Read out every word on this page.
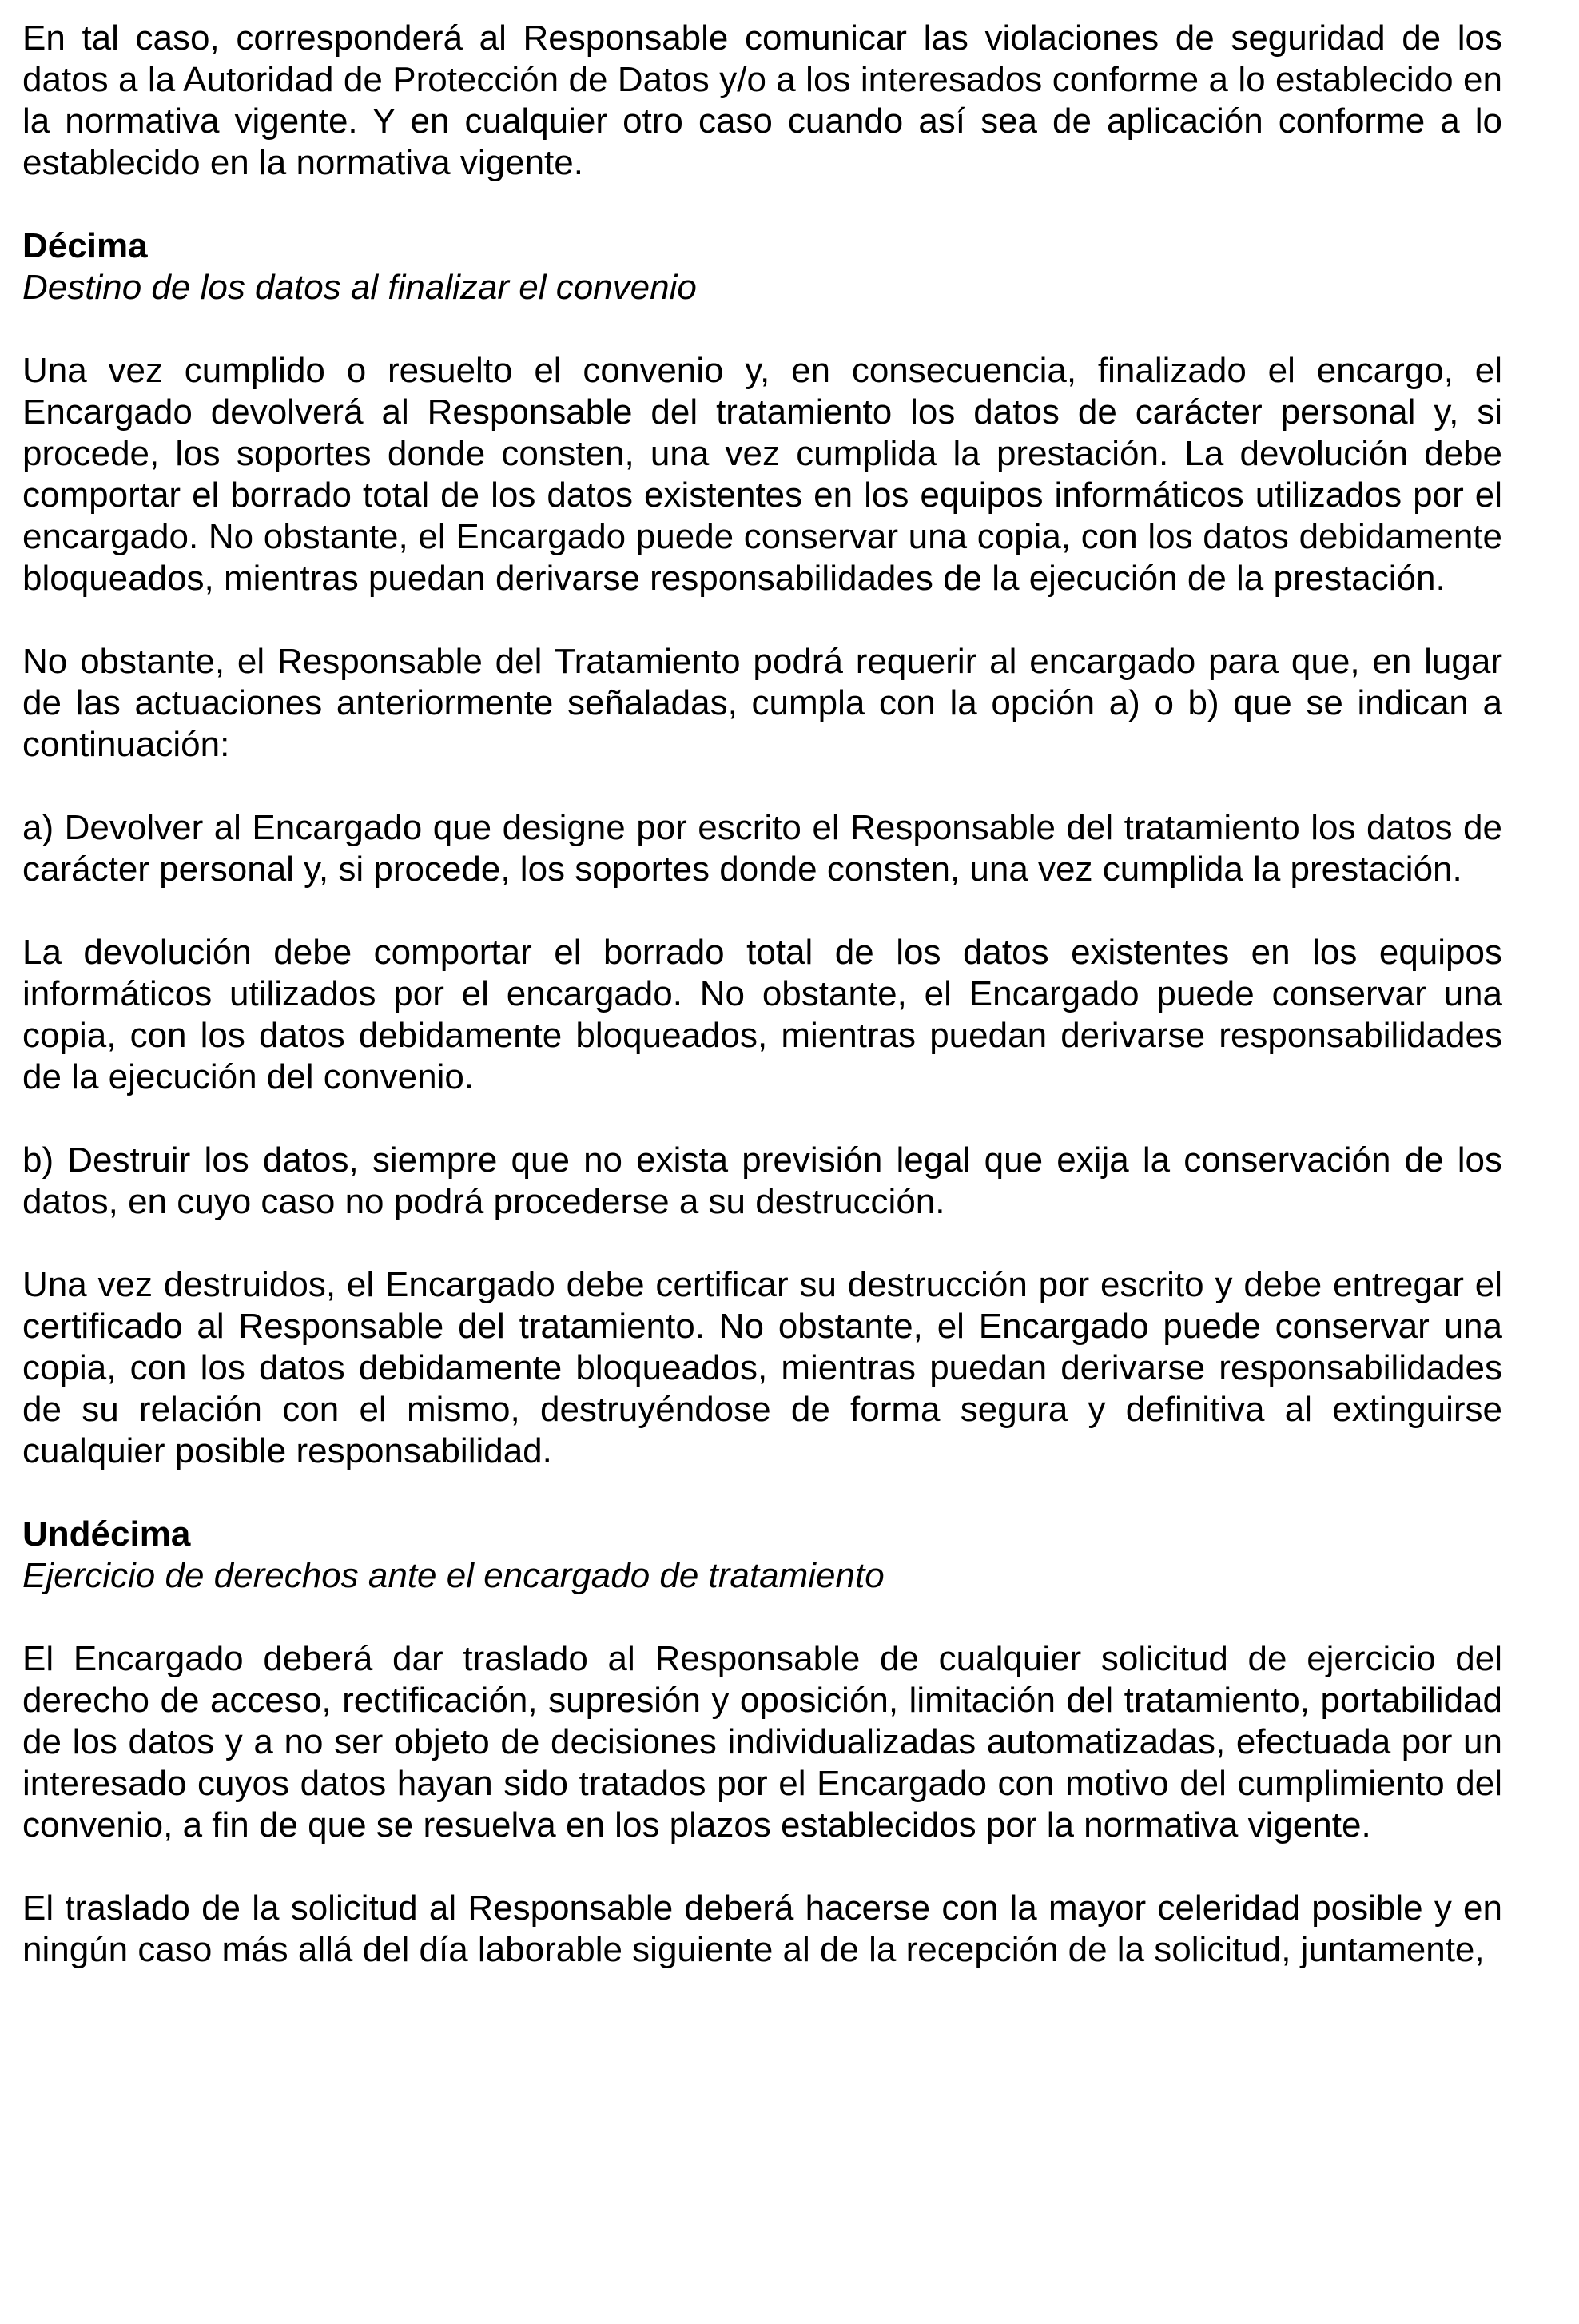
En tal caso, corresponderá al Responsable comunicar las violaciones de seguridad de los datos a la Autoridad de Protección de Datos y/o a los interesados conforme a lo establecido en la normativa vigente. Y en cualquier otro caso cuando así sea de aplicación conforme a lo establecido en la normativa vigente.

Décima
Destino de los datos al finalizar el convenio

Una vez cumplido o resuelto el convenio y, en consecuencia, finalizado el encargo, el Encargado devolverá al Responsable del tratamiento los datos de carácter personal y, si procede, los soportes donde consten, una vez cumplida la prestación. La devolución debe comportar el borrado total de los datos existentes en los equipos informáticos utilizados por el encargado. No obstante, el Encargado puede conservar una copia, con los datos debidamente bloqueados, mientras puedan derivarse responsabilidades de la ejecución de la prestación.

No obstante, el Responsable del Tratamiento podrá requerir al encargado para que, en lugar de las actuaciones anteriormente señaladas, cumpla con la opción a) o b) que se indican a continuación:

a) Devolver al Encargado que designe por escrito el Responsable del tratamiento los datos de carácter personal y, si procede, los soportes donde consten, una vez cumplida la prestación.

La devolución debe comportar el borrado total de los datos existentes en los equipos informáticos utilizados por el encargado. No obstante, el Encargado puede conservar una copia, con los datos debidamente bloqueados, mientras puedan derivarse responsabilidades de la ejecución del convenio.

b) Destruir los datos, siempre que no exista previsión legal que exija la conservación de los datos, en cuyo caso no podrá procederse a su destrucción.

Una vez destruidos, el Encargado debe certificar su destrucción por escrito y debe entregar el certificado al Responsable del tratamiento. No obstante, el Encargado puede conservar una copia, con los datos debidamente bloqueados, mientras puedan derivarse responsabilidades de su relación con el mismo, destruyéndose de forma segura y definitiva al extinguirse cualquier posible responsabilidad.

Undécima
Ejercicio de derechos ante el encargado de tratamiento

El Encargado deberá dar traslado al Responsable de cualquier solicitud de ejercicio del derecho de acceso, rectificación, supresión y oposición, limitación del tratamiento, portabilidad de los datos y a no ser objeto de decisiones individualizadas automatizadas, efectuada por un interesado cuyos datos hayan sido tratados por el Encargado con motivo del cumplimiento del convenio, a fin de que se resuelva en los plazos establecidos por la normativa vigente.

El traslado de la solicitud al Responsable deberá hacerse con la mayor celeridad posible y en ningún caso más allá del día laborable siguiente al de la recepción de la solicitud, juntamente,
